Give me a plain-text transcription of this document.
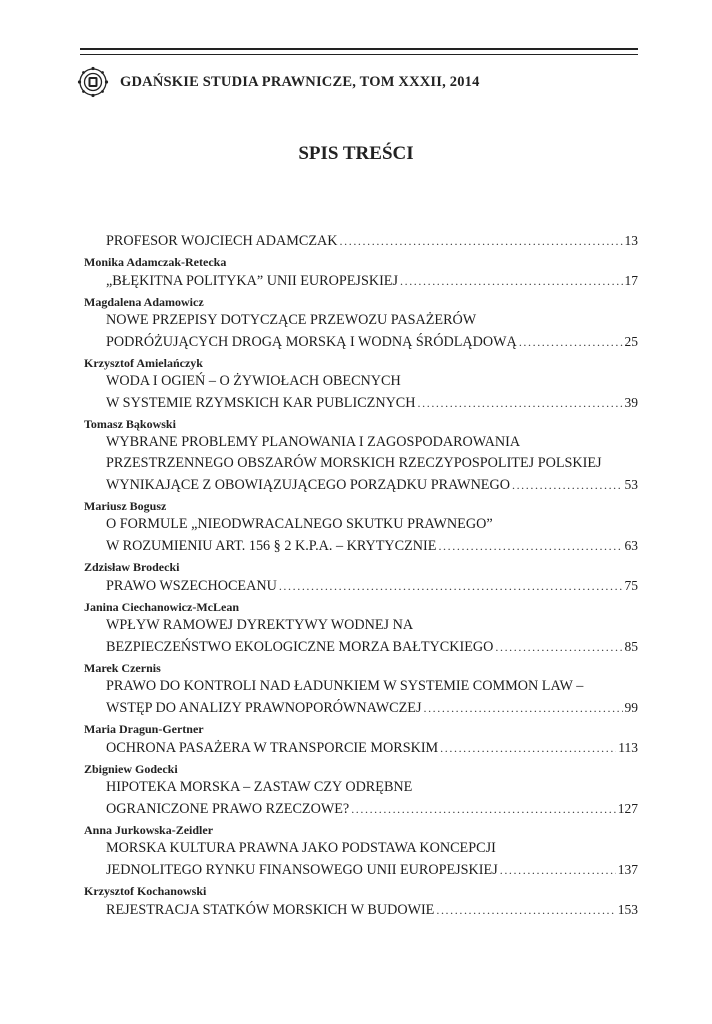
GDAŃSKIE STUDIA PRAWNICZE, TOM XXXII, 2014
SPIS TREŚCI
PROFESOR WOJCIECH ADAMCZAK .....	13
Monika Adamczak-Retecka
„BŁĘKITNA POLITYKA” UNII EUROPEJSKIEJ .....	17
Magdalena Adamowicz
NOWE PRZEPISY DOTYCZĄCE PRZEWOZU PASAŻERÓW
PODRÓŻUJĄCYCH DROGĄ MORSKĄ I WODNĄ ŚRÓDLĄDOWĄ .....	25
Krzysztof Amielańczyk
WODA I OGIEŃ – O ŻYWIOŁACH OBECNYCH
W SYSTEMIE RZYMSKICH KAR PUBLICZNYCH .....	39
Tomasz Bąkowski
WYBRANE PROBLEMY PLANOWANIA I ZAGOSPODAROWANIA
PRZESTRZENNEGO OBSZARÓW MORSKICH RZECZYPOSPOLITEJ POLSKIEJ
WYNIKAJĄCE Z OBOWIĄZUJĄCEGO PORZĄDKU PRAWNEGO .....	53
Mariusz Bogusz
O FORMULE „NIEODWRACALNEGO SKUTKU PRAWNEGO”
W ROZUMIENIU ART. 156 § 2 K.P.A. – KRYTYCZNIE .....	63
Zdzisław Brodecki
PRAWO WSZECHOCEANU .....	75
Janina Ciechanowicz-McLean
WPŁYW RAMOWEJ DYREKTYWY WODNEJ NA
BEZPIECZEŃSTWO EKOLOGICZNE MORZA BAŁTYCKIEGO .....	85
Marek Czernis
PRAWO DO KONTROLI NAD ŁADUNKIEM W SYSTEMIE COMMON LAW –
WSTĘP DO ANALIZY PRAWNOPORÓWNAWCZEJ .....	99
Maria Dragun-Gertner
OCHRONA PASAŻERA W TRANSPORCIE MORSKIM .....	113
Zbigniew Godecki
HIPOTEKA MORSKA – ZASTAW CZY ODRĘBNE
OGRANICZONE PRAWO RZECZOWE? .....	127
Anna Jurkowska-Zeidler
MORSKA KULTURA PRAWNA JAKO PODSTAWA KONCEPCJI
JEDNOLITEGO RYNKU FINANSOWEGO UNII EUROPEJSKIEJ .....	137
Krzysztof Kochanowski
REJESTRACJA STATKÓW MORSKICH W BUDOWIE .....	153
